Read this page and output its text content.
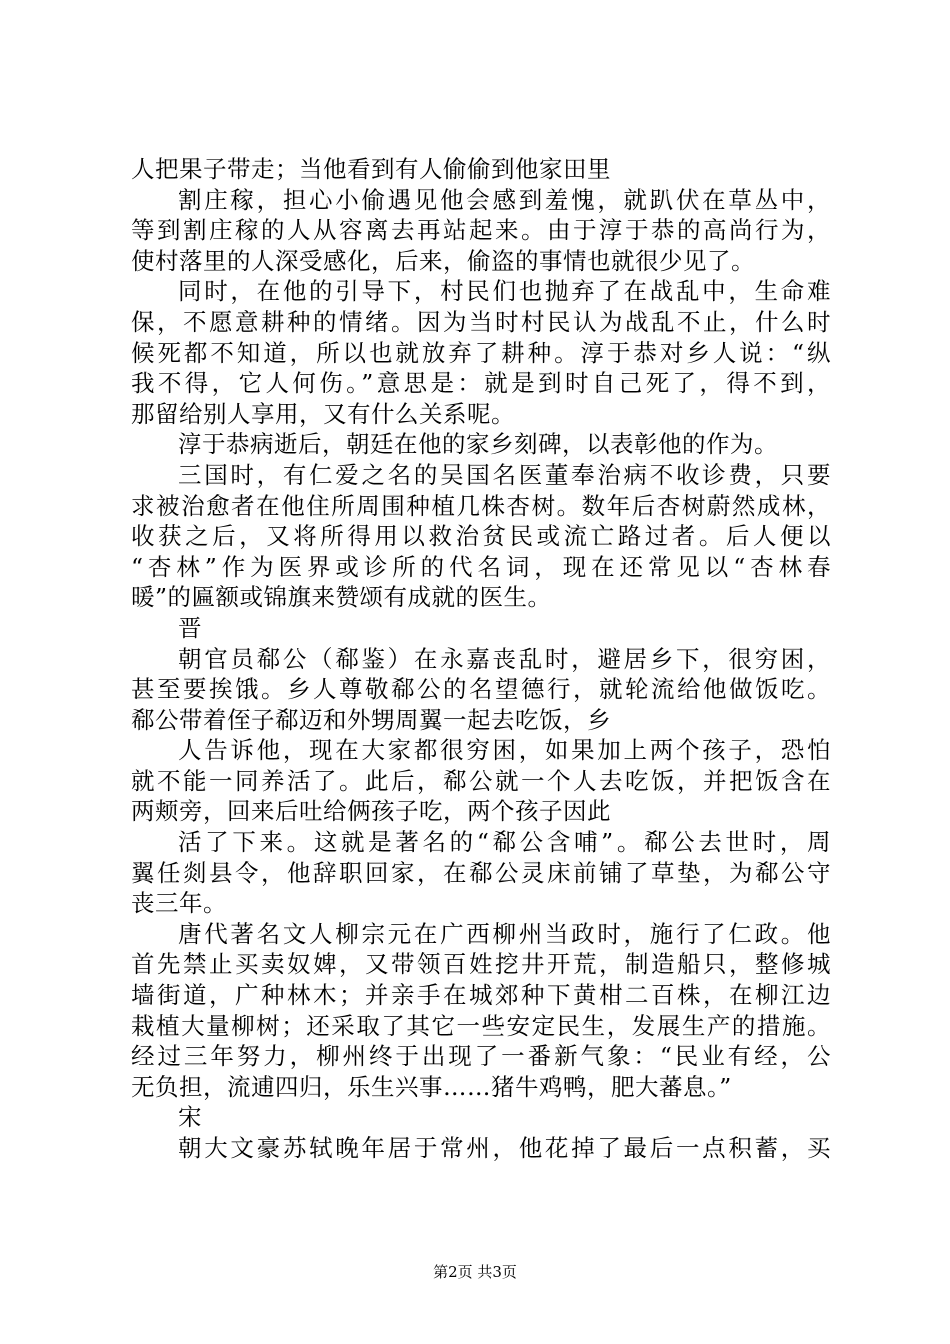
人把果子带走；当他看到有人偷偷到他家田里
割庄稼，担心小偷遇见他会感到羞愧，就趴伏在草丛中，
等到割庄稼的人从容离去再站起来。由于淳于恭的高尚行为，
使村落里的人深受感化，后来，偷盗的事情也就很少见了。
同时，在他的引导下，村民们也抛弃了在战乱中，生命难
保，不愿意耕种的情绪。因为当时村民认为战乱不止，什么时
候死都不知道，所以也就放弃了耕种。淳于恭对乡人说：“纵
我不得，它人何伤。”意思是：就是到时自己死了，得不到，
那留给别人享用，又有什么关系呢。
淳于恭病逝后，朝廷在他的家乡刻碑，以表彰他的作为。
三国时，有仁爱之名的吴国名医董奉治病不收诊费，只要
求被治愈者在他住所周围种植几株杏树。数年后杏树蔚然成林，
收获之后，又将所得用以救治贫民或流亡路过者。后人便以
“杏林”作为医界或诊所的代名词，现在还常见以“杏林春
暖”的匾额或锦旗来赞颂有成就的医生。
晋
朝官员郗公（郗鉴）在永嘉丧乱时，避居乡下，很穷困，
甚至要挨饿。乡人尊敬郗公的名望德行，就轮流给他做饭吃。
郗公带着侄子郗迈和外甥周翼一起去吃饭，乡
人告诉他，现在大家都很穷困，如果加上两个孩子，恐怕
就不能一同养活了。此后，郗公就一个人去吃饭，并把饭含在
两颊旁，回来后吐给俩孩子吃，两个孩子因此
活了下来。这就是著名的“郗公含哺”。郗公去世时，周
翼任剡县令，他辞职回家，在郗公灵床前铺了草垫，为郗公守
丧三年。
唐代著名文人柳宗元在广西柳州当政时，施行了仁政。他
首先禁止买卖奴婢，又带领百姓挖井开荒，制造船只，整修城
墙街道，广种林木；并亲手在城郊种下黄柑二百株，在柳江边
栽植大量柳树；还采取了其它一些安定民生，发展生产的措施。
经过三年努力，柳州终于出现了一番新气象：“民业有经，公
无负担，流逋四归，乐生兴事……猪牛鸡鸭，肥大蕃息。”
宋
朝大文豪苏轼晚年居于常州，他花掉了最后一点积蓄，买
第2页 共3页
